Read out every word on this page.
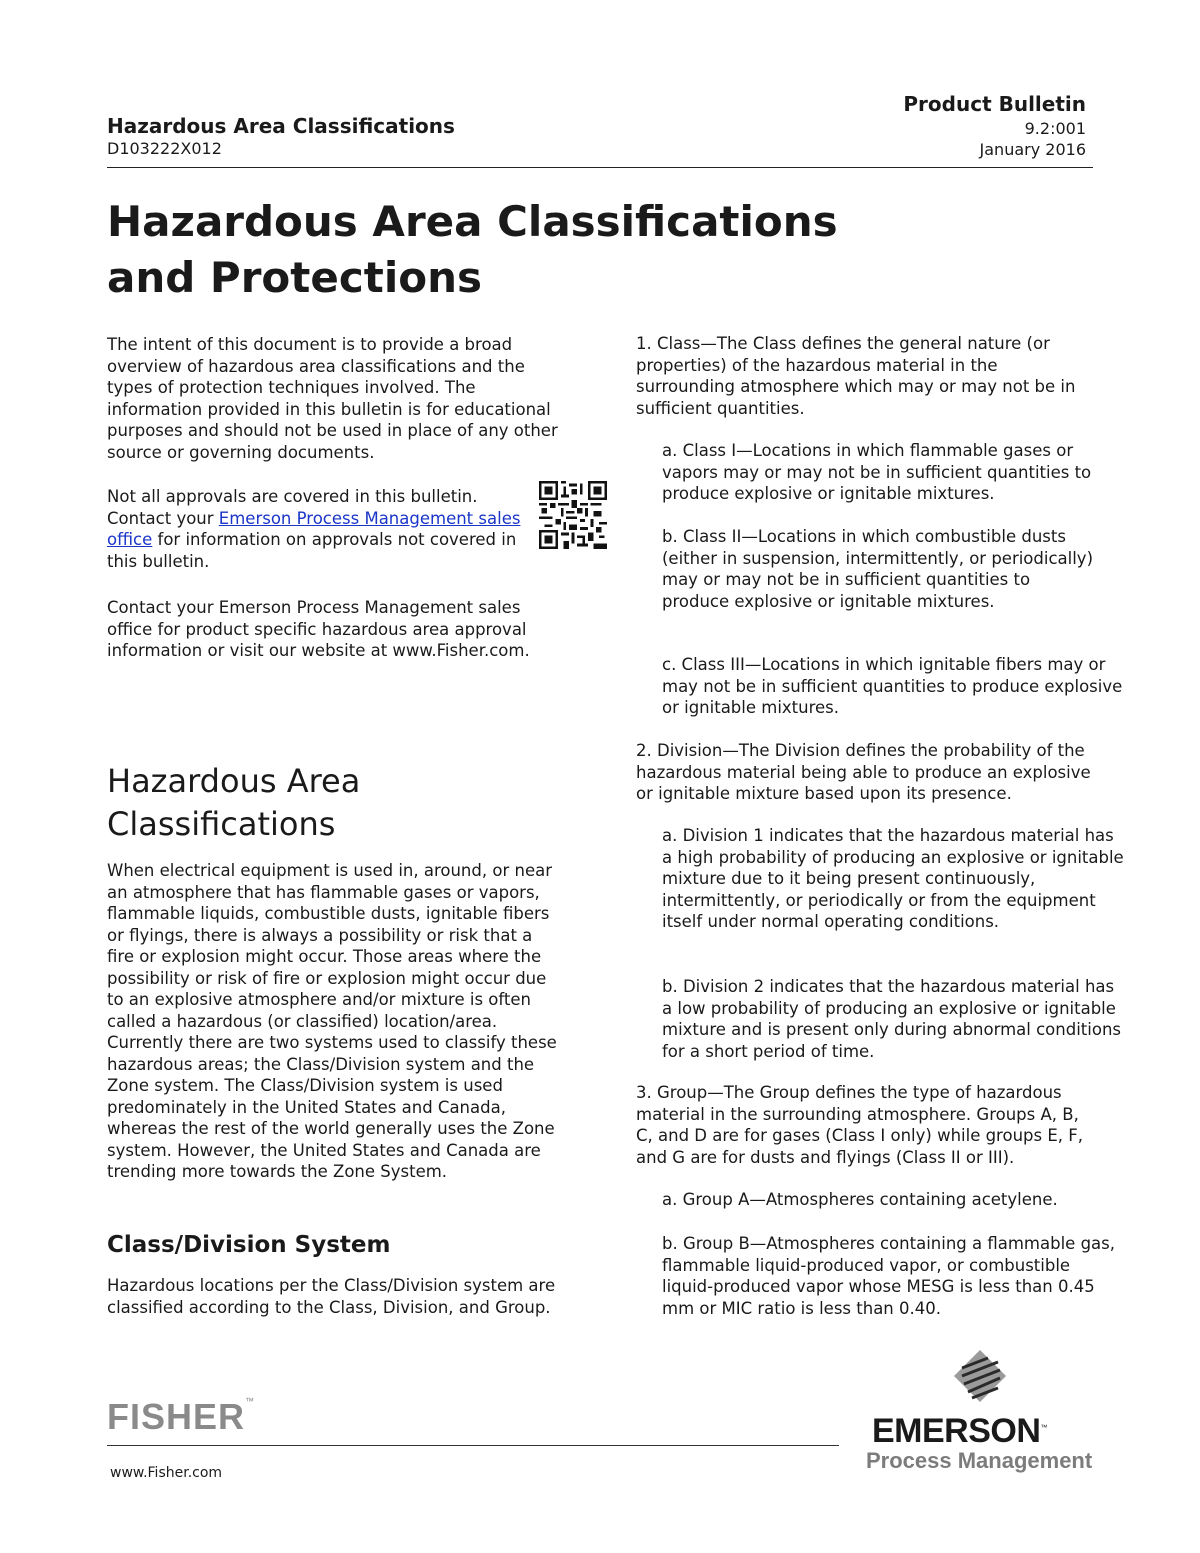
Hazardous Area Classifications
D103222X012
Product Bulletin
9.2:001
January 2016
Hazardous Area Classifications and Protections

The intent of this document is to provide a broad overview of hazardous area classifications and the types of protection techniques involved. The information provided in this bulletin is for educational purposes and should not be used in place of any other source or governing documents.

Not all approvals are covered in this bulletin. Contact your Emerson Process Management sales office for information on approvals not covered in this bulletin.

Contact your Emerson Process Management sales office for product specific hazardous area approval information or visit our website at www.Fisher.com.

Hazardous Area Classifications

When electrical equipment is used in, around, or near an atmosphere that has flammable gases or vapors, flammable liquids, combustible dusts, ignitable fibers or flyings, there is always a possibility or risk that a fire or explosion might occur. Those areas where the possibility or risk of fire or explosion might occur due to an explosive atmosphere and/or mixture is often called a hazardous (or classified) location/area. Currently there are two systems used to classify these hazardous areas; the Class/Division system and the Zone system. The Class/Division system is used predominately in the United States and Canada, whereas the rest of the world generally uses the Zone system. However, the United States and Canada are trending more towards the Zone System.

Class/Division System

Hazardous locations per the Class/Division system are classified according to the Class, Division, and Group.

1. Class—The Class defines the general nature (or properties) of the hazardous material in the surrounding atmosphere which may or may not be in sufficient quantities.

a. Class I—Locations in which flammable gases or vapors may or may not be in sufficient quantities to produce explosive or ignitable mixtures.

b. Class II—Locations in which combustible dusts (either in suspension, intermittently, or periodically) may or may not be in sufficient quantities to produce explosive or ignitable mixtures.

c. Class III—Locations in which ignitable fibers may or may not be in sufficient quantities to produce explosive or ignitable mixtures.

2. Division—The Division defines the probability of the hazardous material being able to produce an explosive or ignitable mixture based upon its presence.

a. Division 1 indicates that the hazardous material has a high probability of producing an explosive or ignitable mixture due to it being present continuously, intermittently, or periodically or from the equipment itself under normal operating conditions.

b. Division 2 indicates that the hazardous material has a low probability of producing an explosive or ignitable mixture and is present only during abnormal conditions for a short period of time.

3. Group—The Group defines the type of hazardous material in the surrounding atmosphere. Groups A, B, C, and D are for gases (Class I only) while groups E, F, and G are for dusts and flyings (Class II or III).

a. Group A—Atmospheres containing acetylene.

b. Group B—Atmospheres containing a flammable gas, flammable liquid-produced vapor, or combustible liquid-produced vapor whose MESG is less than 0.45 mm or MIC ratio is less than 0.40.

FISHER™
www.Fisher.com
EMERSON™
Process Management
